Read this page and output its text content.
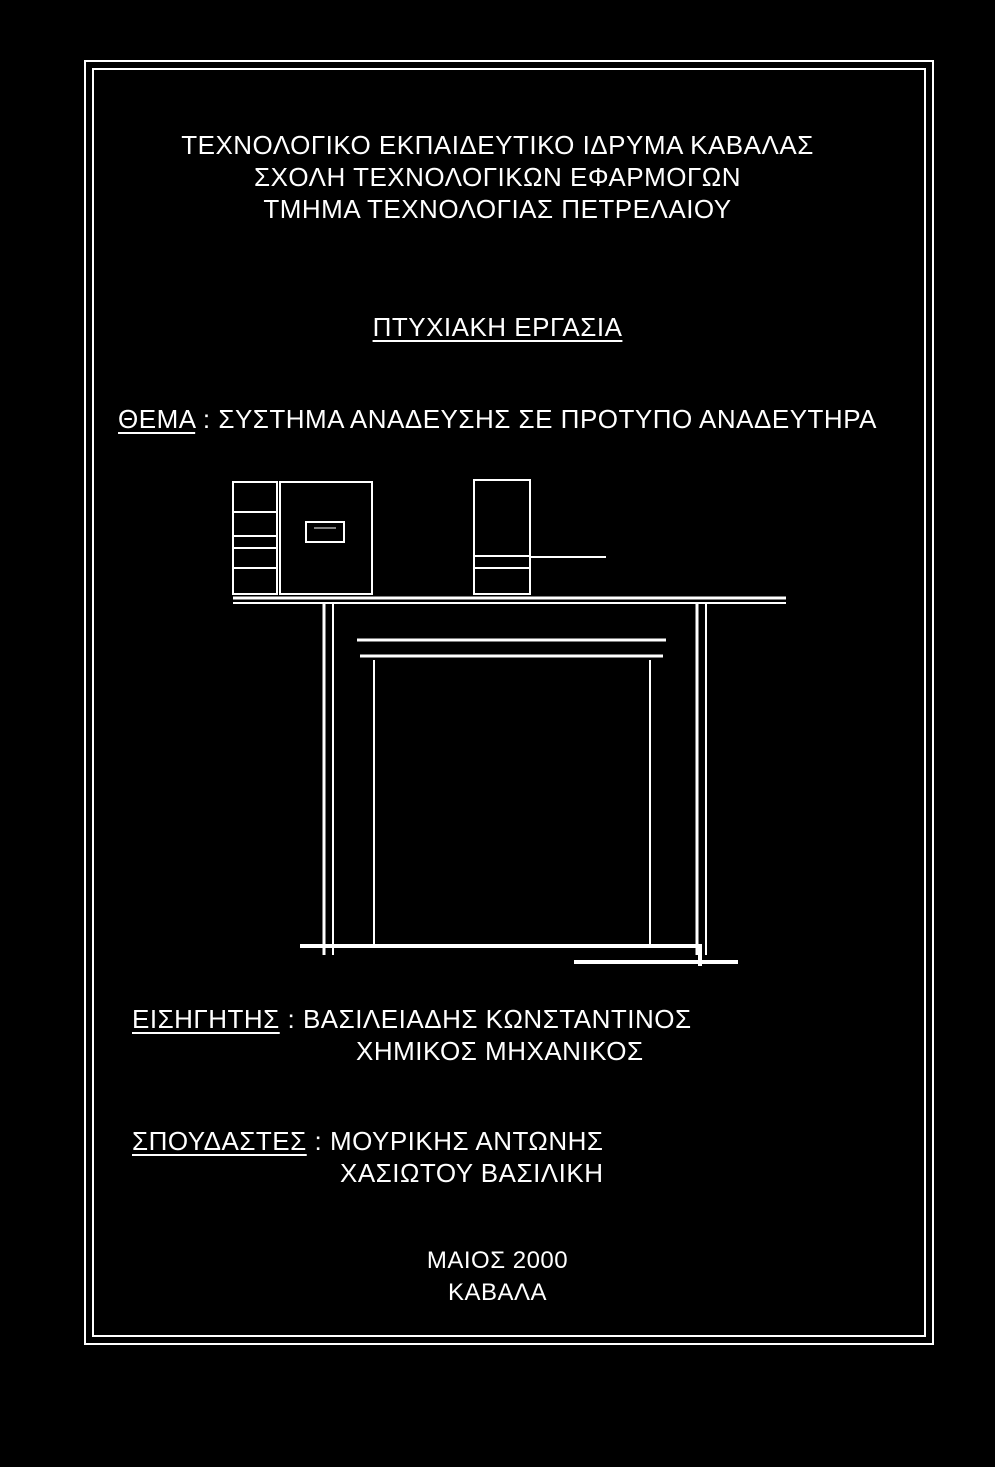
ΤΕΧΝΟΛΟΓΙΚΟ ΕΚΠΑΙΔΕΥΤΙΚΟ ΙΔΡΥΜΑ ΚΑΒΑΛΑΣ
ΣΧΟΛΗ ΤΕΧΝΟΛΟΓΙΚΩΝ ΕΦΑΡΜΟΓΩΝ
ΤΜΗΜΑ ΤΕΧΝΟΛΟΓΙΑΣ ΠΕΤΡΕΛΑΙΟΥ
ΠΤΥΧΙΑΚΗ ΕΡΓΑΣΙΑ
ΘΕΜΑ : ΣΥΣΤΗΜΑ ΑΝΑΔΕΥΣΗΣ ΣΕ ΠΡΟΤΥΠΟ ΑΝΑΔΕΥΤΗΡΑ
ΕΙΣΗΓΗΤΗΣ : ΒΑΣΙΛΕΙΑΔΗΣ ΚΩΝΣΤΑΝΤΙΝΟΣ
ΧΗΜΙΚΟΣ ΜΗΧΑΝΙΚΟΣ
ΣΠΟΥΔΑΣΤΕΣ : ΜΟΥΡΙΚΗΣ ΑΝΤΩΝΗΣ
ΧΑΣΙΩΤΟΥ ΒΑΣΙΛΙΚΗ
ΜΑΙΟΣ 2000
ΚΑΒΑΛΑ
